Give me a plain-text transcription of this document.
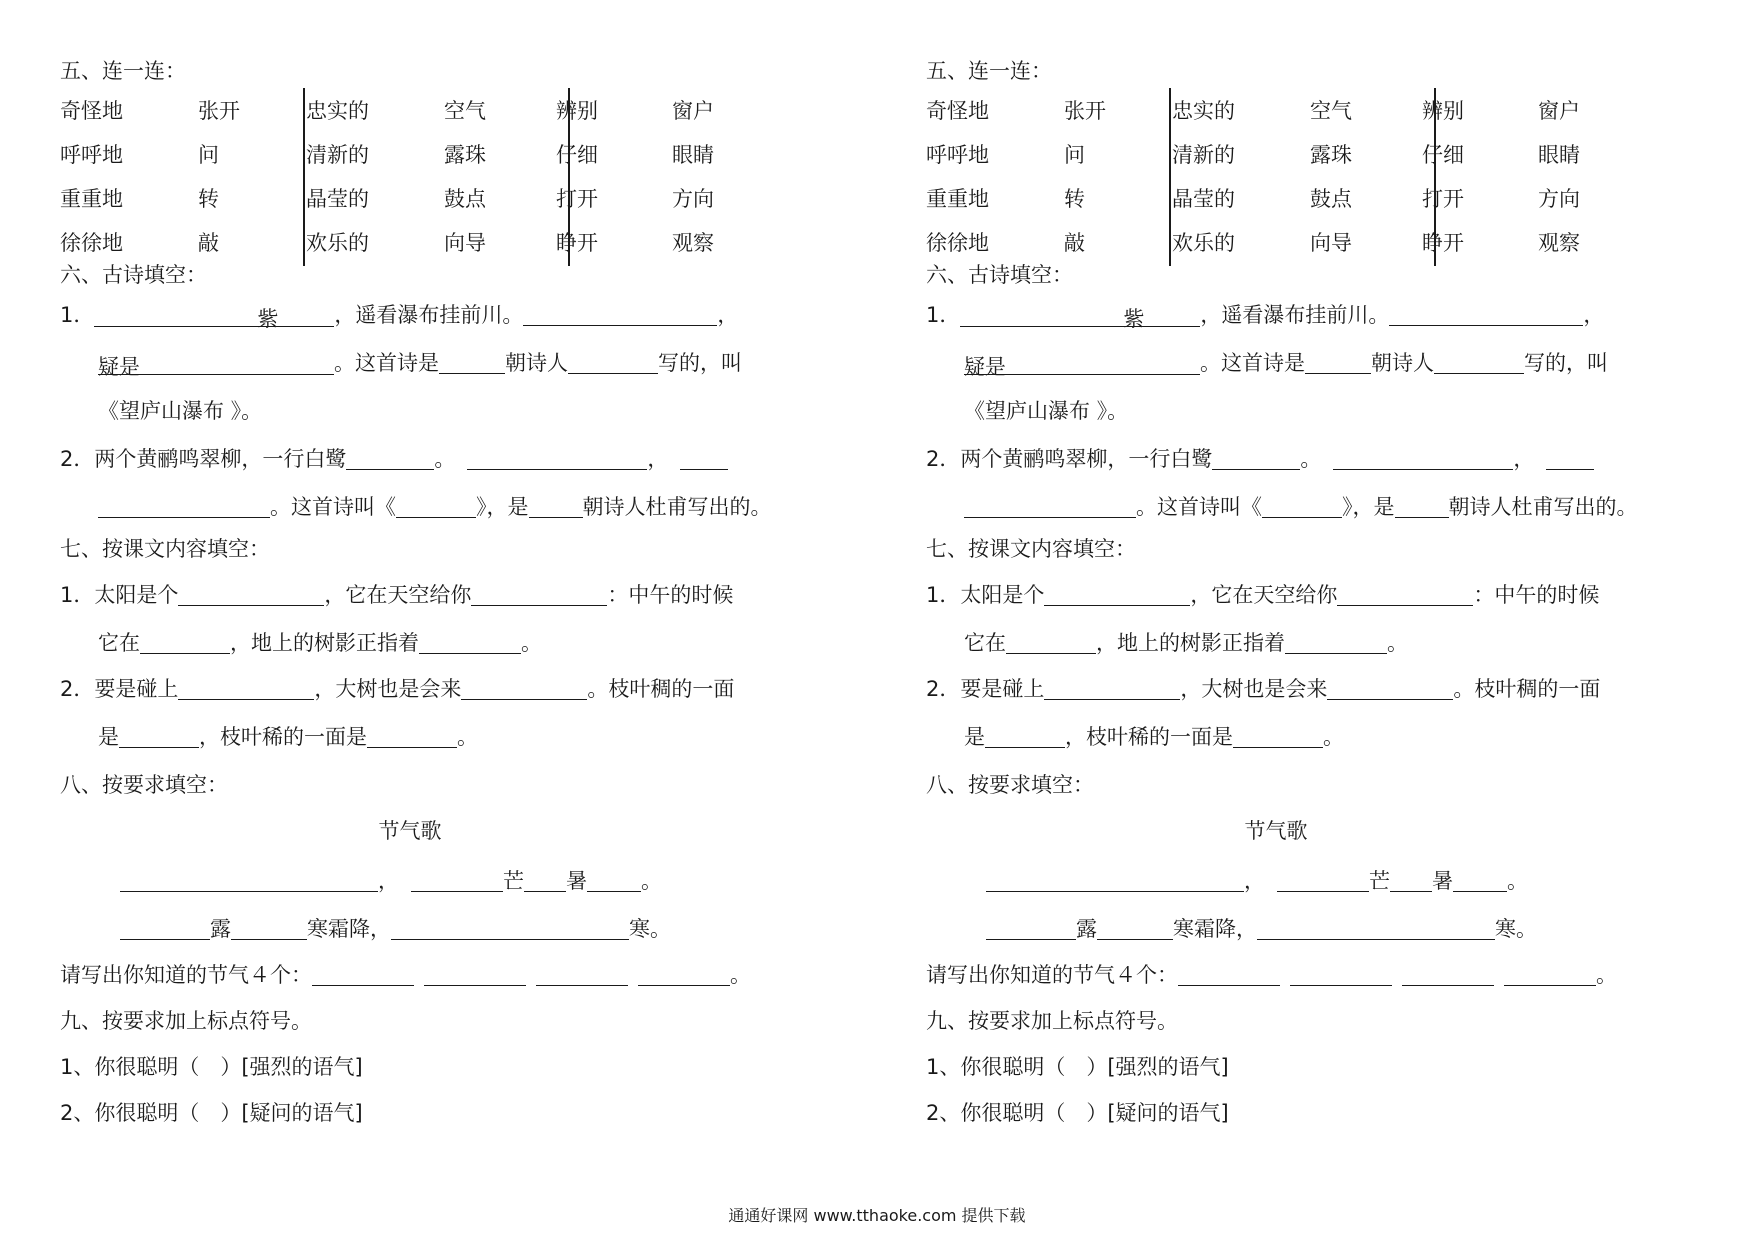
五、连一连：
奇怪地	张开	忠实的	空气	辨别	窗户
呼呼地	问	清新的	露珠	仔细	眼睛
重重地	转	晶莹的	鼓点	打开	方向
徐徐地	敲	欢乐的	向导	睁开	观察
六、古诗填空：
1．	紫	，遥看瀑布挂前川。	，
疑是	。这首诗是	朝诗人	写的，叫
《望庐山瀑布 》。
2．两个黄鹂鸣翠柳，一行白鹭	。	，
。这首诗叫《	》，是	朝诗人杜甫写出的。
七、按课文内容填空：
1．太阳是个	，它在天空给你	：中午的时候
它在	，地上的树影正指着	。
2．要是碰上	，大树也是会来	。枝叶稠的一面
是	，枝叶稀的一面是	。
八、按要求填空：
节气歌
，	芒 暑	。
露	寒霜降，	寒。
请写出你知道的节气４个：	。
九、按要求加上标点符号。
1、你很聪明（　）[强烈的语气]
2、你很聪明（　）[疑问的语气]
五、连一连：
奇怪地	张开	忠实的	空气	辨别	窗户
呼呼地	问	清新的	露珠	仔细	眼睛
重重地	转	晶莹的	鼓点	打开	方向
徐徐地	敲	欢乐的	向导	睁开	观察
六、古诗填空：
1．	紫	，遥看瀑布挂前川。	，
疑是	。这首诗是	朝诗人	写的，叫
《望庐山瀑布 》。
2．两个黄鹂鸣翠柳，一行白鹭	。	，
。这首诗叫《	》，是	朝诗人杜甫写出的。
七、按课文内容填空：
1．太阳是个	，它在天空给你	：中午的时候
它在	，地上的树影正指着	。
2．要是碰上	，大树也是会来	。枝叶稠的一面
是	，枝叶稀的一面是	。
八、按要求填空：
节气歌
，	芒 暑	。
露	寒霜降，	寒。
请写出你知道的节气４个：	。
九、按要求加上标点符号。
1、你很聪明（　）[强烈的语气]
2、你很聪明（　）[疑问的语气]
通通好课网 www.tthaoke.com 提供下载
